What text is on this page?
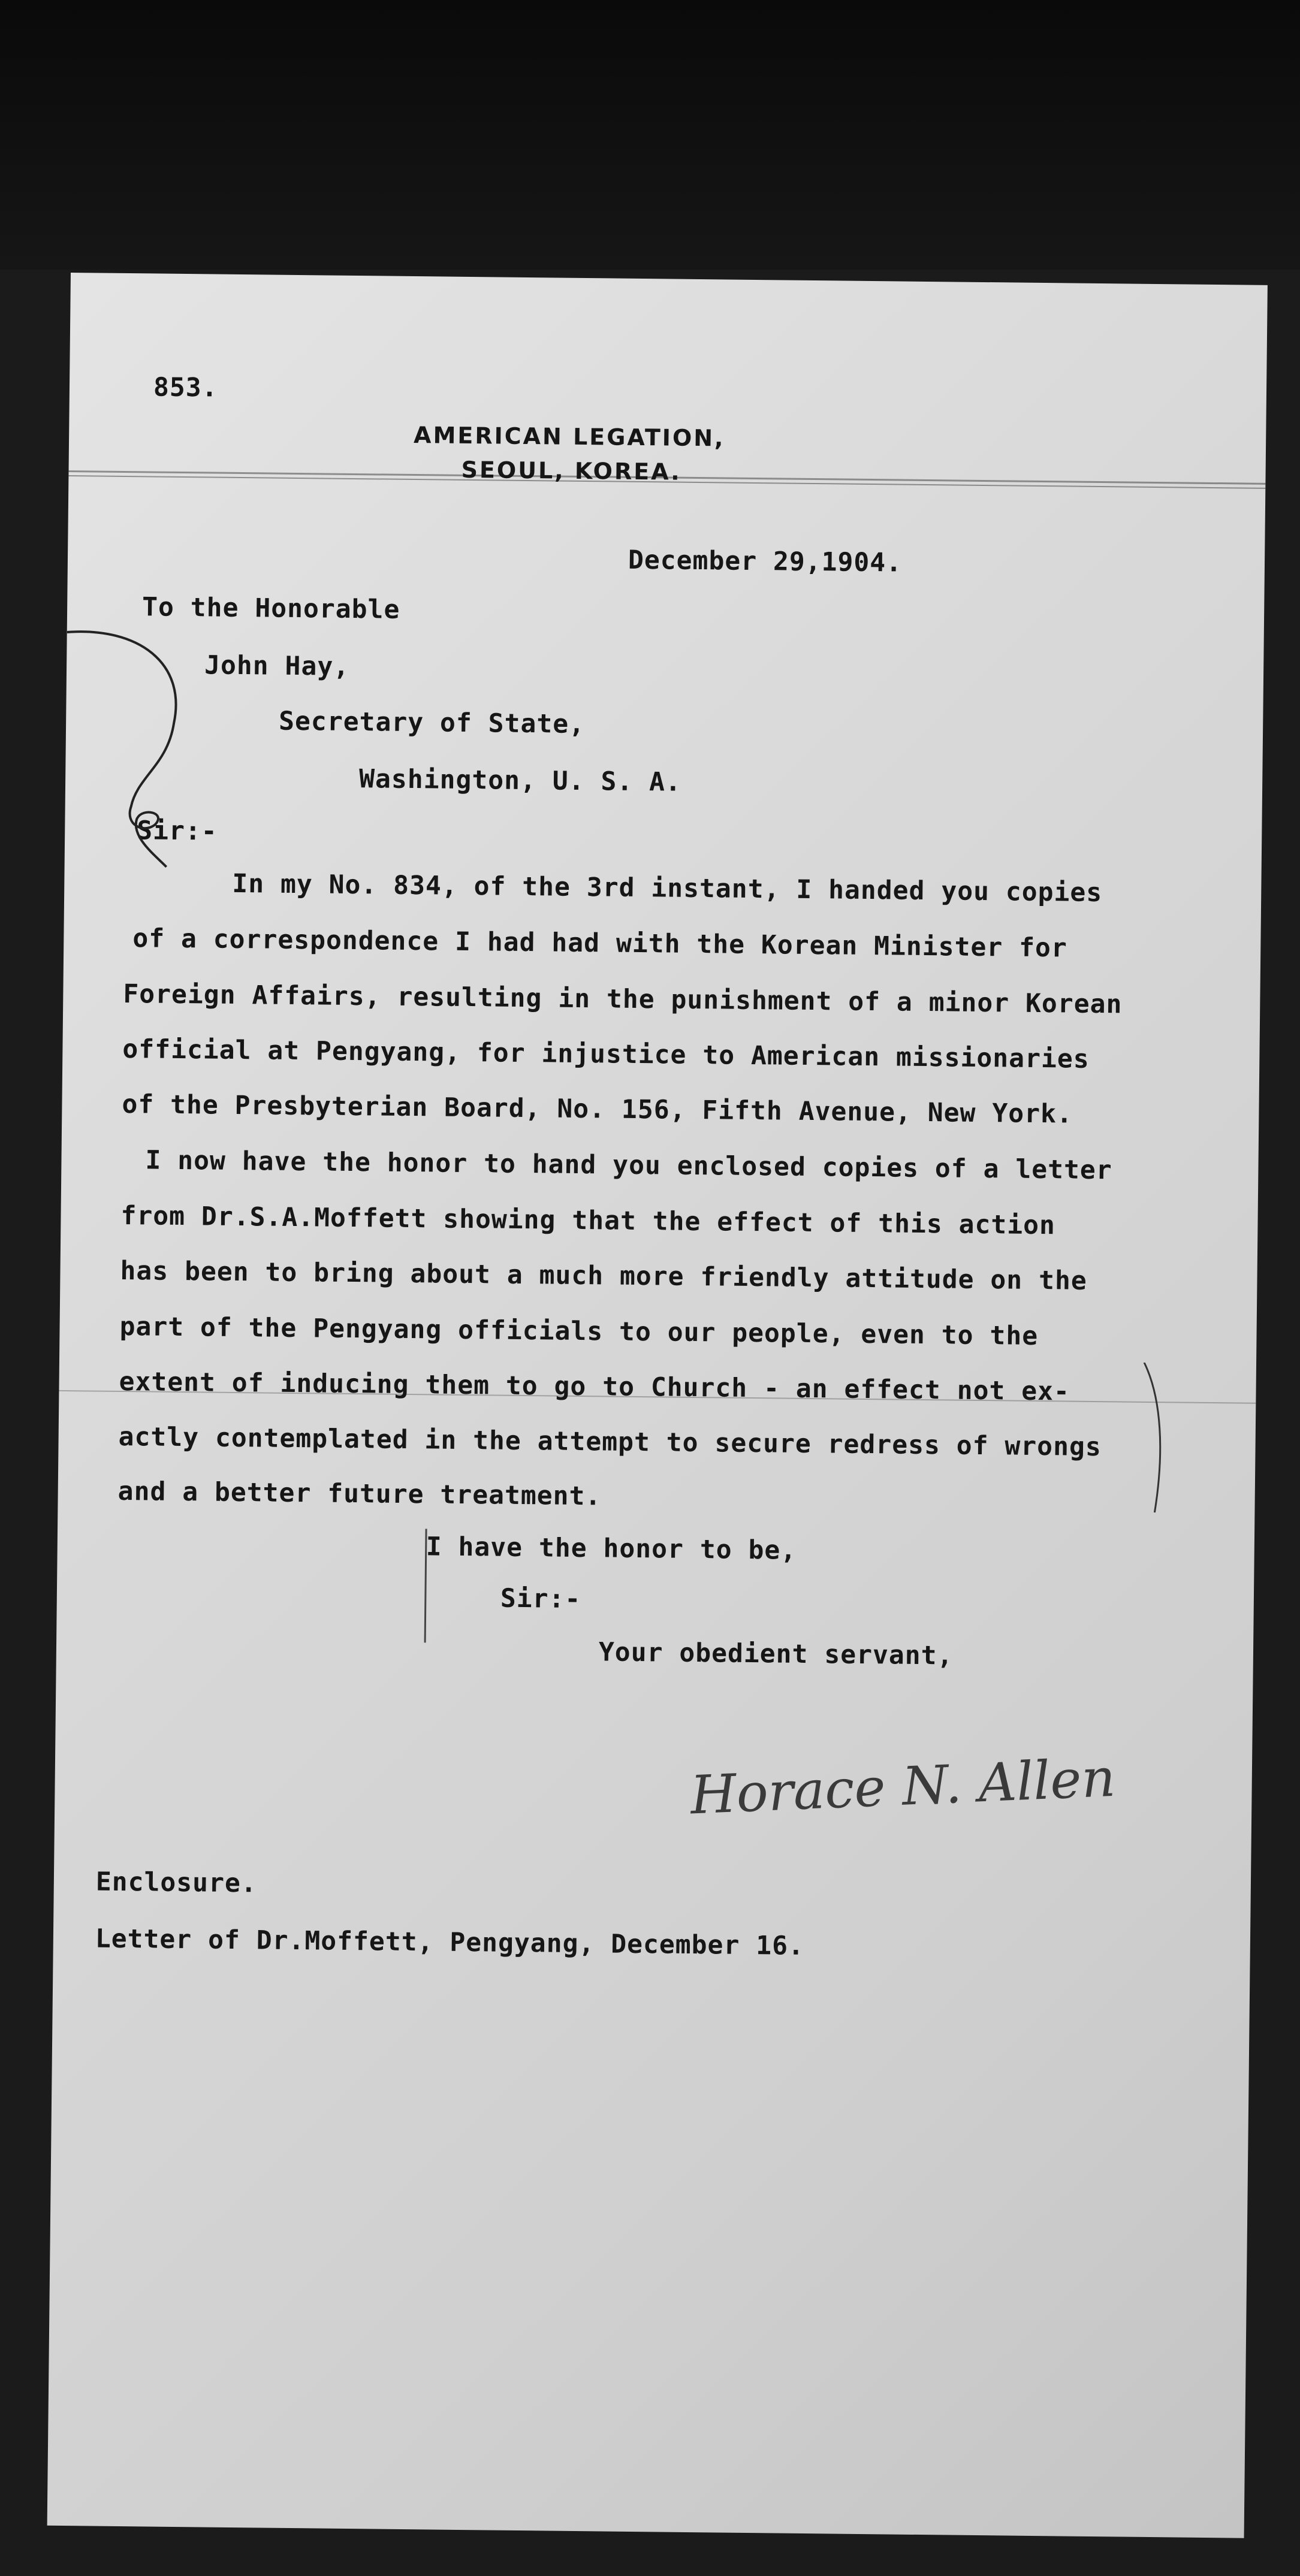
853.
AMERICAN LEGATION,
SEOUL, KOREA.
December 29,1904.
To the Honorable
John Hay,
Secretary of State,
Washington, U. S. A.
Sir:-
In my No. 834, of the 3rd instant, I handed you copies
of a correspondence I had had with the Korean Minister for
Foreign Affairs, resulting in the punishment of a minor Korean
official at Pengyang, for injustice to American missionaries
of the Presbyterian Board, No. 156, Fifth Avenue, New York.
I now have the honor to hand you enclosed copies of a letter
from Dr.S.A.Moffett showing that the effect of this action
has been to bring about a much more friendly attitude on the
part of the Pengyang officials to our people, even to the
extent of inducing them to go to Church - an effect not ex-
actly contemplated in the attempt to secure redress of wrongs
and a better future treatment.
I have the honor to be,
Sir:-
Your obedient servant,
Horace N. Allen
Enclosure.
Letter of Dr.Moffett, Pengyang, December 16.
